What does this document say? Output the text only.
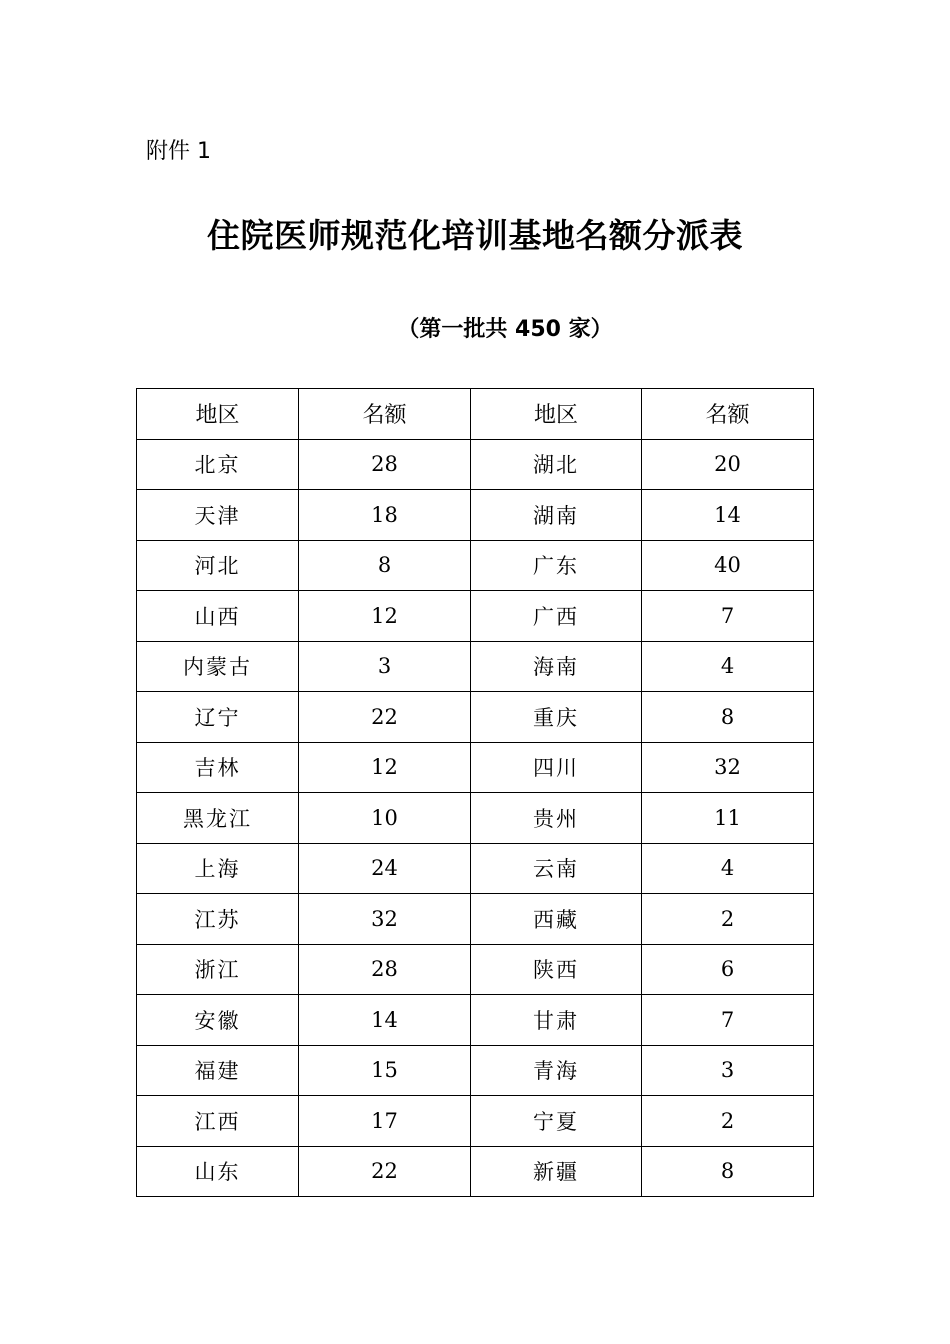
附件 1
住院医师规范化培训基地名额分派表
（第一批共 450 家）
地区	名额	地区	名额
北京	28	湖北	20
天津	18	湖南	14
河北	8	广东	40
山西	12	广西	7
内蒙古	3	海南	4
辽宁	22	重庆	8
吉林	12	四川	32
黑龙江	10	贵州	11
上海	24	云南	4
江苏	32	西藏	2
浙江	28	陕西	6
安徽	14	甘肃	7
福建	15	青海	3
江西	17	宁夏	2
山东	22	新疆	8
